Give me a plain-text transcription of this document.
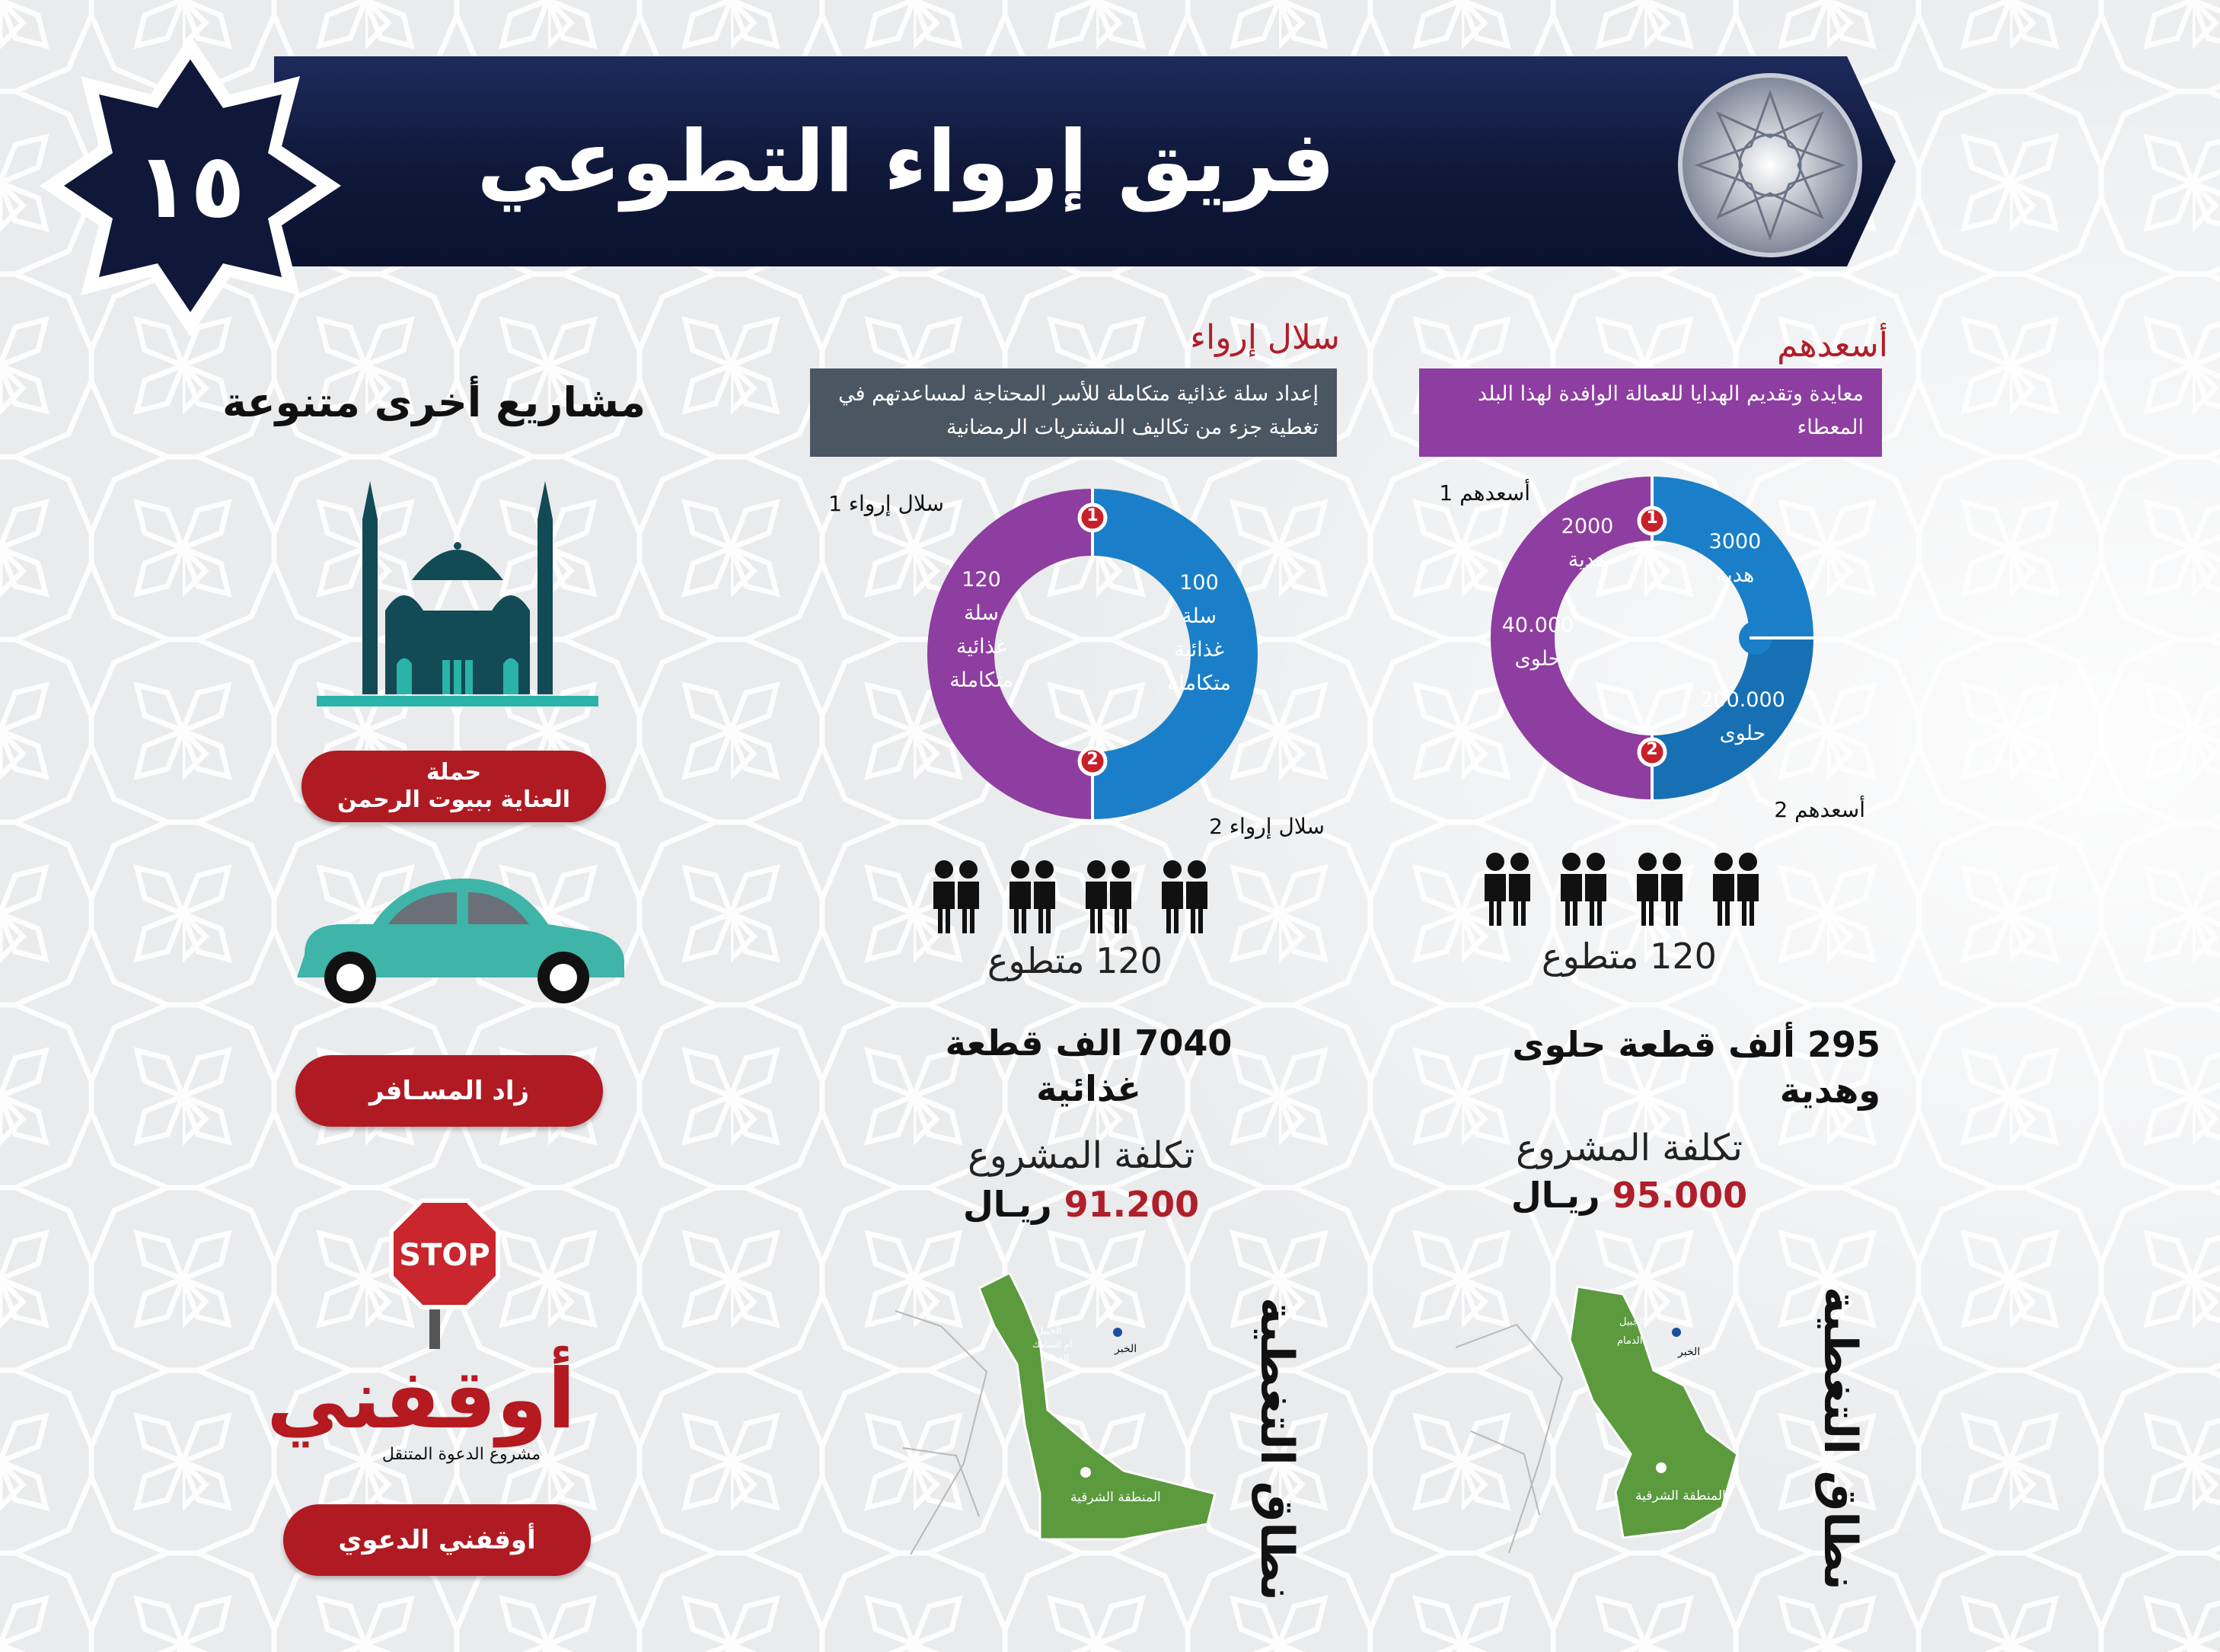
فريق إرواء التطوعي
١٥
أسعدهم
معايدة وتقديم الهدايا للعمالة الوافدة لهذا البلد المعطاء
أسعدهم 1
1
2
2000
هدية
3000
هدية
40.000
حلوى
200.000
حلوى
أسعدهم 2
120 متطوع
295 ألف قطعة حلوى وهدية
تكلفة المشروع
95.000 ريـال
الخبر
الجبيل
الدمام
المنطقة الشرقية نطاق التغطية
سلال إرواء
إعداد سلة غذائية متكاملة للأسر المحتاجة لمساعدتهم في تغطية جزء من تكاليف المشتريات الرمضانية
سلال إرواء 1	1
2
120
سلة
غذائية
متكاملة
100
سلة
غذائية
متكاملة
سلال إرواء 2
120 متطوع
7040 الف قطعة غذائية
تكلفة المشروع
91.200 ريـال
الخبر
الجبيل
أم الساهك
الدمام
المنطقة الشرقية نطاق التغطية
مشاريع أخرى متنوعة
حملة
العناية ببيوت الرحمن
زاد المسـافر
STOP
أوقفني
مشروع الدعوة المتنقل
أوقفني الدعوي
